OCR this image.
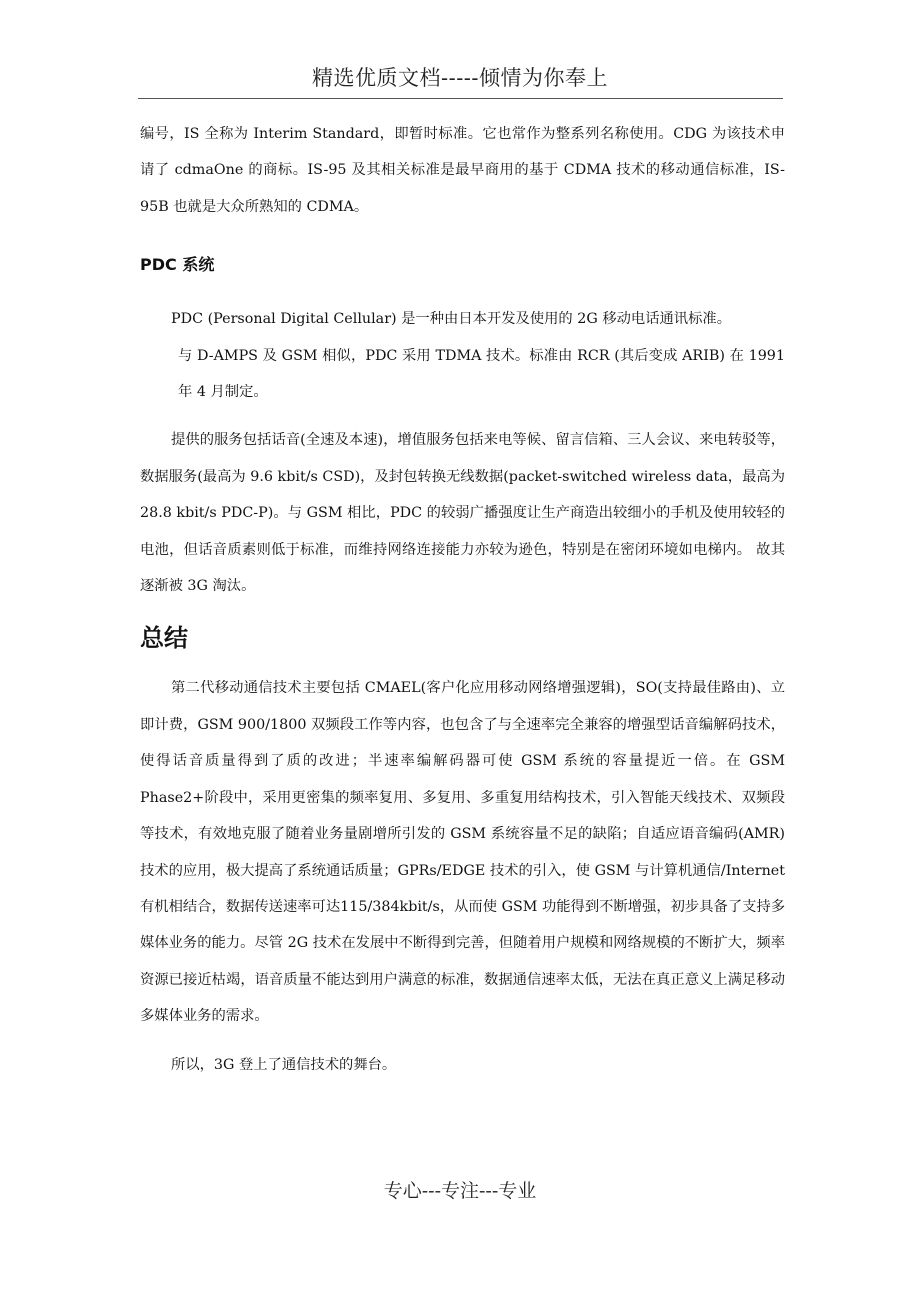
精选优质文档-----倾情为你奉上

编号，IS 全称为 Interim Standard，即暂时标准。它也常作为整系列名称使用。CDG 为该技术申请了 cdmaOne 的商标。IS-95 及其相关标准是最早商用的基于 CDMA 技术的移动通信标准，IS-95B 也就是大众所熟知的 CDMA。

PDC 系统

PDC (Personal Digital Cellular) 是一种由日本开发及使用的 2G 移动电话通讯标准。

与 D-AMPS 及 GSM 相似，PDC 采用 TDMA 技术。标准由 RCR (其后变成 ARIB) 在 1991 年 4 月制定。

提供的服务包括话音(全速及本速)，增值服务包括来电等候、留言信箱、三人会议、来电转驳等，数据服务(最高为 9.6 kbit/s CSD)，及封包转换无线数据(packet-switched wireless data，最高为 28.8 kbit/s PDC-P)。与 GSM 相比，PDC 的较弱广播强度让生产商造出较细小的手机及使用较轻的电池，但话音质素则低于标准，而维持网络连接能力亦较为逊色，特别是在密闭环境如电梯内。 故其逐渐被 3G 淘汰。

总结

第二代移动通信技术主要包括 CMAEL(客户化应用移动网络增强逻辑)，SO(支持最佳路由)、立即计费，GSM 900/1800 双频段工作等内容，也包含了与全速率完全兼容的增强型话音编解码技术，使得话音质量得到了质的改进；半速率编解码器可使 GSM 系统的容量提近一倍。在 GSM Phase2+阶段中，采用更密集的频率复用、多复用、多重复用结构技术，引入智能天线技术、双频段等技术，有效地克服了随着业务量剧增所引发的 GSM 系统容量不足的缺陷；自适应语音编码(AMR)技术的应用，极大提高了系统通话质量；GPRs/EDGE 技术的引入，使 GSM 与计算机通信/Internet 有机相结合，数据传送速率可达115/384kbit/s，从而使 GSM 功能得到不断增强，初步具备了支持多媒体业务的能力。尽管 2G 技术在发展中不断得到完善，但随着用户规模和网络规模的不断扩大，频率资源已接近枯竭，语音质量不能达到用户满意的标准，数据通信速率太低，无法在真正意义上满足移动多媒体业务的需求。

所以，3G 登上了通信技术的舞台。

专心---专注---专业
